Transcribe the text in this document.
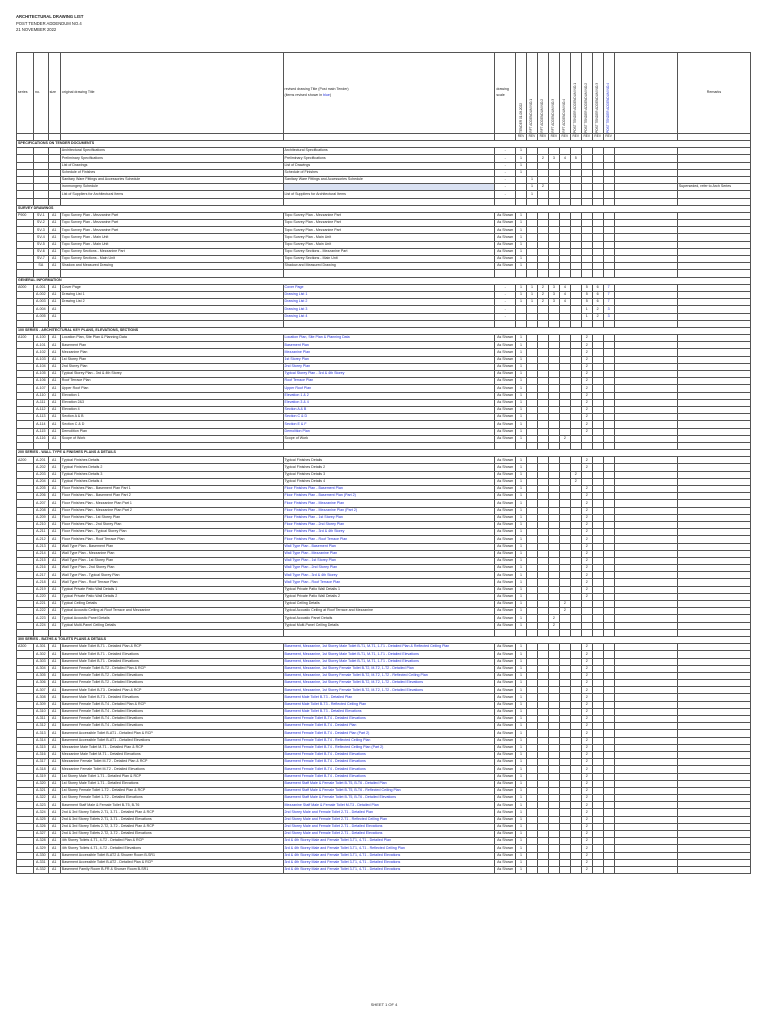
ARCHITECTURAL DRAWING LIST
POST TENDER ADDENDUM NO.4
21 NOVEMBER 2022
series	no.	size	original drawing Title	revised drawing Title (Post main Tender)
(items revised shown in blue)	drawing
scale	TENDER 01.08.2022	RFT ADDENDUM NO.1	RFT ADDENDUM NO.2	RFT ADDENDUM NO.3	RFT ADDENDUM NO.4	POST TENDER ADDENDUM NO.1	POST TENDER ADDENDUM NO.2	POST TENDER ADDENDUM NO.3	POST TENDER ADDENDUM NO.4		Remarks
						REV	REV	REV	REV	REV	REV	REV	REV	REV		
SPECIFICATIONS ON TENDER DOCUMENTS																
			Architectural Specifications	Architectural Specifications	-	1										
			Preliminary Specifications	Preliminary Specifications	-	1		2	3	4	5					
			List of Drawings	List of Drawings	-	1										
			Schedule of Finishes	Schedule of Finishes	-	1										
			Sanitary Ware Fittings and Accessories Schedule	Sanitary Ware Fittings and Accessories Schedule	-		1									
			Ironmongery Schedule		-		1	2								Superseded, refer to Arch Series
			List of Suppliers for Architectural Items	List of Suppliers for Architectural Items	-		1									

SURVEY DRAWINGS																
P900	SV-1	A1	Topo Survey Plan - Mezzanine Part	Topo Survey Plan - Mezzanine Part	As Shown	1										
	SV-2	A1	Topo Survey Plan - Mezzanine Part	Topo Survey Plan - Mezzanine Part	As Shown	1										
	SV-3	A1	Topo Survey Plan - Mezzanine Part	Topo Survey Plan - Mezzanine Part	As Shown	1										
	SV-4	A1	Topo Survey Plan - Main Unit	Topo Survey Plan - Main Unit	As Shown	1										
	SV-5	A1	Topo Survey Plan - Main Unit	Topo Survey Plan - Main Unit	As Shown	1										
	SV-6	A1	Topo Survey Sections - Mezzanine Part	Topo Survey Sections - Mezzanine Part	As Shown	1										
	SV-7	A1	Topo Survey Sections - Main Unit	Topo Survey Sections - Main Unit	As Shown	1										
	SA	A1	Shadow and Measured Drawing	Shadow and Measured Drawing	As Shown	1										

GENERAL INFORMATION																
A000	A-001	A1	Cover Page	Cover Page	-	1	1	2	3	4		5	6	7		
	A-002	A1	Drawing List 1	Drawing List 1	-	1	1	2	3	4		5	6	7		
	A-003	A1	Drawing List 2	Drawing List 2	-	1	1	2	3	4		5	6	7		
	A-004	A1		Drawing List 3	-							1	2	3		
	A-005	A1		Drawing List 4	-							1	2	3		

100 SERIES - ARCHITECTURAL KEY PLANS, ELEVATIONS, SECTIONS																
A100	A-100	A1	Location Plan, Site Plan & Planning Data	Location Plan, Site Plan & Planning Data	As Shown	1						2				
	A-101	A1	Basement Plan	Basement Plan	As Shown	1						2				
	A-102	A1	Mezzanine Plan	Mezzanine Plan	As Shown	1						2				
	A-103	A1	1st Storey Plan	1st Storey Plan	As Shown	1						2				
	A-104	A1	2nd Storey Plan	2nd Storey Plan	As Shown	1						2				
	A-105	A1	Typical Storey Plan - 3rd & 4th Storey	Typical Storey Plan - 3rd & 4th Storey	As Shown	1						2				
	A-106	A1	Roof Terrace Plan	Roof Terrace Plan	As Shown	1						2				
	A-107	A1	Upper Roof Plan	Upper Roof Plan	As Shown	1						2				
	A-110	A1	Elevation 1	Elevation 1 & 2	As Shown	1						2				
	A-111	A1	Elevation 2&3	Elevation 3 & 4	As Shown	1						2				
	A-112	A1	Elevation 4	Section A & B	As Shown	1						2				
	A-113	A1	Section A & B	Section C & D	As Shown	1						2				
	A-114	A1	Section C & D	Section E & F	As Shown	1						2				
	A-115	A1	Demolition Plan	Demolition Plan	As Shown	1						2				
	A-116	A1	Scope of Work	Scope of Work	As Shown	1				2						

200 SERIES - WALL TYPE & FINISHES PLANS & DETAILS																
A200	A-201	A1	Typical Finishes Details	Typical Finishes Details	As Shown	1						2				
	A-202	A1	Typical Finishes Details 2	Typical Finishes Details 2	As Shown	1						2				
	A-203	A1	Typical Finishes Details 3	Typical Finishes Details 3	As Shown	1					2					
	A-204	A1	Typical Finishes Details 4	Typical Finishes Details 4	As Shown	1					2					
	A-205	A1	Floor Finishes Plan - Basement Plan Part 1	Floor Finishes Plan - Basement Plan	As Shown	1						2				
	A-206	A1	Floor Finishes Plan - Basement Plan Part 2	Floor Finishes Plan - Basement Plan (Part 2)	As Shown	1						2				
	A-207	A1	Floor Finishes Plan - Mezzanine Plan Part 1	Floor Finishes Plan - Mezzanine Plan	As Shown	1						2				
	A-208	A1	Floor Finishes Plan - Mezzanine Plan Part 2	Floor Finishes Plan - Mezzanine Plan (Part 2)	As Shown	1						2				
	A-209	A1	Floor Finishes Plan - 1st Storey Plan	Floor Finishes Plan - 1st Storey Plan	As Shown	1						2				
	A-210	A1	Floor Finishes Plan - 2nd Storey Plan	Floor Finishes Plan - 2nd Storey Plan	As Shown	1						2				
	A-211	A1	Floor Finishes Plan - Typical Storey Plan	Floor Finishes Plan - 3rd & 4th Storey	As Shown	1						2				
	A-212	A1	Floor Finishes Plan - Roof Terrace Plan	Floor Finishes Plan - Roof Terrace Plan	As Shown	1						2				
	A-213	A1	Wall Type Plan - Basement Plan	Wall Type Plan - Basement Plan	As Shown	1						2				
	A-214	A1	Wall Type Plan - Mezzanine Plan	Wall Type Plan - Mezzanine Plan	As Shown	1						2				
	A-215	A1	Wall Type Plan - 1st Storey Plan	Wall Type Plan - 1st Storey Plan	As Shown	1						2				
	A-216	A1	Wall Type Plan - 2nd Storey Plan	Wall Type Plan - 2nd Storey Plan	As Shown	1						2				
	A-217	A1	Wall Type Plan - Typical Storey Plan	Wall Type Plan - 3rd & 4th Storey	As Shown	1						2				
	A-218	A1	Wall Type Plan - Roof Terrace Plan	Wall Type Plan - Roof Terrace Plan	As Shown	1						2				
	A-219	A1	Typical Private Patio Wall Details 1	Typical Private Patio Wall Details 1	As Shown	1						2				
	A-220	A1	Typical Private Patio Wall Details 2	Typical Private Patio Wall Details 2	As Shown	1						2				
	A-221	A1	Typical Ceiling Details	Typical Ceiling Details	As Shown	1				2						
	A-222	A1	Typical Acoustic Ceiling at Roof Terrace and Mezzanine	Typical Acoustic Ceiling at Roof Terrace and Mezzanine	As Shown	1				2						
	A-223	A1	Typical Acoustic Panel Details	Typical Acoustic Panel Details	As Shown	1			2							
	A-224	A1	Typical Multi-Panel Ceiling Details	Typical Multi-Panel Ceiling Details	As Shown	1			2							

300 SERIES - BATHS & TOILETS PLANS & DETAILS																
A300	A-301	A1	Basement Male Toilet B-T1 - Detailed Plan & RCP	Basement, Mezzanine, 1st Storey Male Toilet B-T1, M-T1, 1-T1 - Detailed Plan & Reflected Ceiling Plan	As Shown	1						2				
	A-302	A1	Basement Male Toilet B-T1 - Detailed Elevations	Basement, Mezzanine, 1st Storey Male Toilet B-T1, M-T1, 1-T1 - Detailed Elevations	As Shown	1						2				
	A-303	A1	Basement Male Toilet B-T1 - Detailed Elevations	Basement, Mezzanine, 1st Storey Male Toilet B-T1, M-T1, 1-T1 - Detailed Elevations	As Shown	1						2				
	A-304	A1	Basement Female Toilet B-T2 - Detailed Plan & RCP	Basement, Mezzanine, 1st Storey Female Toilet B-T2, M-T2, 1-T2 - Detailed Plan	As Shown	1						2				
	A-305	A1	Basement Female Toilet B-T2 - Detailed Elevations	Basement, Mezzanine, 1st Storey Female Toilet B-T2, M-T2, 1-T2 - Reflected Ceiling Plan	As Shown	1						2				
	A-306	A1	Basement Female Toilet B-T2 - Detailed Elevations	Basement, Mezzanine, 1st Storey Female Toilet B-T2, M-T2, 1-T2 - Detailed Elevations	As Shown	1						2				
	A-307	A1	Basement Male Toilet B-T3 - Detailed Plan & RCP	Basement, Mezzanine, 1st Storey Female Toilet B-T2, M-T2, 1-T2 - Detailed Elevations	As Shown	1						2				
	A-308	A1	Basement Male Toilet B-T3 - Detailed Elevations	Basement Male Toilet B-T3 - Detailed Plan	As Shown	1						2				
	A-309	A1	Basement Female Toilet B-T4 - Detailed Plan & RCP	Basement Male Toilet B-T3 - Reflected Ceiling Plan	As Shown	1						2				
	A-310	A1	Basement Female Toilet B-T4 - Detailed Elevations	Basement Male Toilet B-T3 - Detailed Elevations	As Shown	1						2				
	A-311	A1	Basement Female Toilet B-T4 - Detailed Elevations	Basement Female Toilet B-T4 - Detailed Elevations	As Shown	1						2				
	A-312	A1	Basement Female Toilet B-T4 - Detailed Elevations	Basement Female Toilet B-T4 - Detailed Plan	As Shown	1						2				
	A-313	A1	Basement Accessible Toilet B-AT1 - Detailed Plan & RCP	Basement Female Toilet B-T4 - Detailed Plan (Part 2)	As Shown	1						2				
	A-314	A1	Basement Accessible Toilet B-AT1 - Detailed Elevations	Basement Female Toilet B-T4 - Reflected Ceiling Plan	As Shown	1						2				
	A-315	A1	Mezzanine Male Toilet M-T1 - Detailed Plan & RCP	Basement Female Toilet B-T4 - Reflected Ceiling Plan (Part 2)	As Shown	1						2				
	A-316	A1	Mezzanine Male Toilet M-T1 - Detailed Elevations	Basement Female Toilet B-T4 - Detailed Elevations	As Shown	1						2				
	A-317	A1	Mezzanine Female Toilet M-T2 - Detailed Plan & RCP	Basement Female Toilet B-T4 - Detailed Elevations	As Shown	1						2				
	A-318	A1	Mezzanine Female Toilet M-T2 - Detailed Elevations	Basement Female Toilet B-T4 - Detailed Elevations	As Shown	1						2				
	A-319	A1	1st Storey Male Toilet 1-T1 - Detailed Plan & RCP	Basement Female Toilet B-T4 - Detailed Elevations	As Shown	1						2				
	A-320	A1	1st Storey Male Toilet 1-T1 - Detailed Elevations	Basement Staff Male & Female Toilet B-T5, B-T6 - Detailed Plan	As Shown	1						2				
	A-321	A1	1st Storey Female Toilet 1-T2 - Detailed Plan & RCP	Basement Staff Male & Female Toilet B-T5, B-T6 - Reflected Ceiling Plan	As Shown	1						2				
	A-322	A1	1st Storey Female Toilet 1-T2 - Detailed Elevations	Basement Staff Male & Female Toilet B-T5, B-T6 - Detailed Elevations	As Shown	1						2				
	A-323	A1	Basement Staff Male & Female Toilet B-T5, B-T6	Mezzanine Staff Male & Female Toilet M-T3 - Detailed Plan	As Shown	1						2				
	A-324	A1	2nd & 3rd Storey Toilets 2-T1, 3-T1 - Detailed Plan & RCP	2nd Storey Male and Female Toilet 2-T1 - Detailed Plan	As Shown	1						2				
	A-325	A1	2nd & 3rd Storey Toilets 2-T1, 3-T1 - Detailed Elevations	2nd Storey Male and Female Toilet 2-T1 - Reflected Ceiling Plan	As Shown	1						2				
	A-326	A1	2nd & 3rd Storey Toilets 2-T2, 3-T2 - Detailed Plan & RCP	2nd Storey Male and Female Toilet 2-T1 - Detailed Elevations	As Shown	1						2				
	A-327	A1	2nd & 3rd Storey Toilets 2-T2, 3-T2 - Detailed Elevations	2nd Storey Male and Female Toilet 2-T1 - Detailed Elevations	As Shown	1						2				
	A-328	A1	4th Storey Toilets 4-T1, 4-T2 - Detailed Plan & RCP	3rd & 4th Storey Male and Female Toilet 3-T1, 4-T1 - Detailed Plan	As Shown	1						2				
	A-329	A1	4th Storey Toilets 4-T1, 4-T2 - Detailed Elevations	3rd & 4th Storey Male and Female Toilet 3-T1, 4-T1 - Reflected Ceiling Plan	As Shown	1						2				
	A-330	A1	Basement Accessible Toilet B-AT2 & Shower Room B-SR1	3rd & 4th Storey Male and Female Toilet 3-T1, 4-T1 - Detailed Elevations	As Shown	1						2				
	A-331	A1	Basement Accessible Toilet B-AT2 - Detailed Plan & RCP	3rd & 4th Storey Male and Female Toilet 3-T1, 4-T1 - Detailed Elevations	As Shown	1						2				
	A-332	A1	Basement Family Room B-FR & Shower Room B-SR1	3rd & 4th Storey Male and Female Toilet 3-T1, 4-T1 - Detailed Elevations	As Shown	1						2				
SHEET 1 OF 4
